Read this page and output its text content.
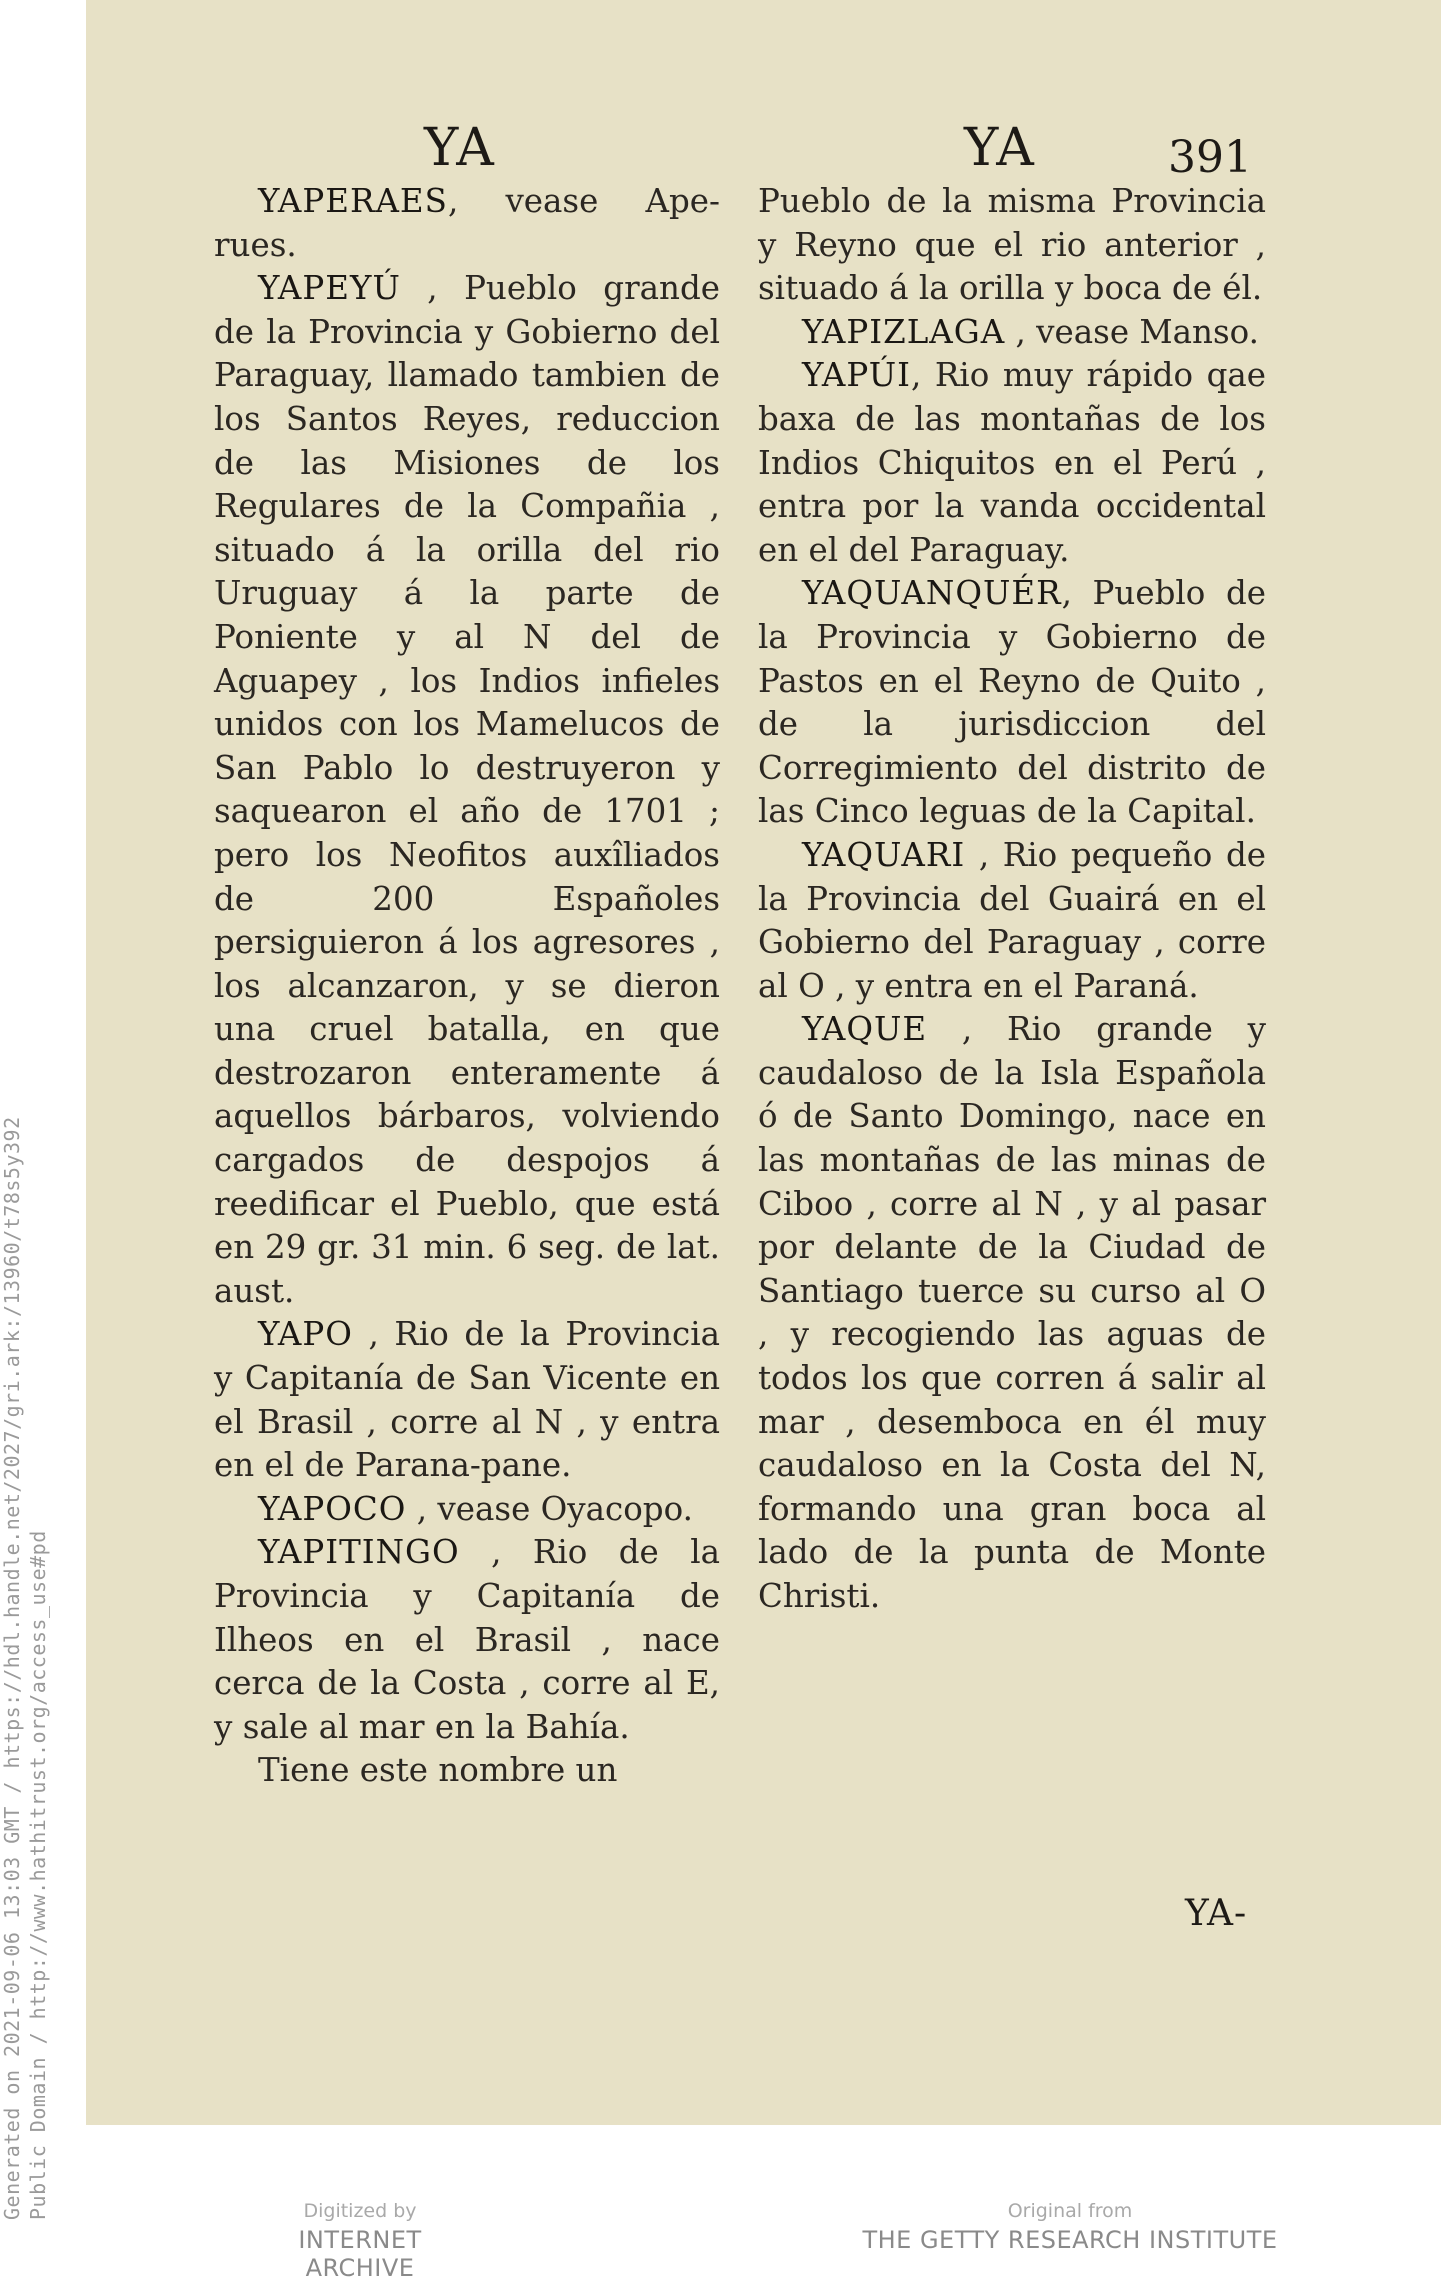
Generated on 2021-09-06 13:03 GMT / https://hdl.handle.net/2027/gri.ark:/13960/t78s5y392 Public Domain / http://www.hathitrust.org/access_use#pd
YA	YA	391

YAPERAES, vease Ape-rues.

YAPEYÚ , Pueblo grande de la Provincia y Gobierno del Paraguay, llamado tambien de los Santos Reyes, reduccion de las Misiones de los Regulares de la Compañia , situado á la orilla del rio Uruguay á la parte de Poniente y al N del de Aguapey , los Indios infieles unidos con los Mamelucos de San Pablo lo destruyeron y saquearon el año de 1701 ; pero los Neofitos auxîliados de 200 Españoles persiguieron á los agresores , los alcanzaron, y se dieron una cruel batalla, en que destrozaron enteramente á aquellos bárbaros, volviendo cargados de despojos á reedificar el Pueblo, que está en 29 gr. 31 min. 6 seg. de lat. aust.

YAPO , Rio de la Provincia y Capitanía de San Vicente en el Brasil , corre al N , y entra en el de Parana-pane.

YAPOCO , vease Oyacopo.

YAPITINGO , Rio de la Provincia y Capitanía de Ilheos en el Brasil , nace cerca de la Costa , corre al E, y sale al mar en la Bahía.

Tiene este nombre un

Pueblo de la misma Provincia y Reyno que el rio anterior , situado á la orilla y boca de él.

YAPIZLAGA , vease Manso.

YAPÚI, Rio muy rápido qae baxa de las montañas de los Indios Chiquitos en el Perú , entra por la vanda occidental en el del Paraguay.

YAQUANQUÉR, Pueblo de la Provincia y Gobierno de Pastos en el Reyno de Quito , de la jurisdiccion del Corregimiento del distrito de las Cinco leguas de la Capital.

YAQUARI , Rio pequeño de la Provincia del Guairá en el Gobierno del Paraguay , corre al O , y entra en el Paraná.

YAQUE , Rio grande y caudaloso de la Isla Española ó de Santo Domingo, nace en las montañas de las minas de Ciboo , corre al N , y al pasar por delante de la Ciudad de Santiago tuerce su curso al O , y recogiendo las aguas de todos los que corren á salir al mar , desemboca en él muy caudaloso en la Costa del N, formando una gran boca al lado de la punta de Monte Christi.

YA-
Digitized by
INTERNET ARCHIVE
Original from
THE GETTY RESEARCH INSTITUTE
